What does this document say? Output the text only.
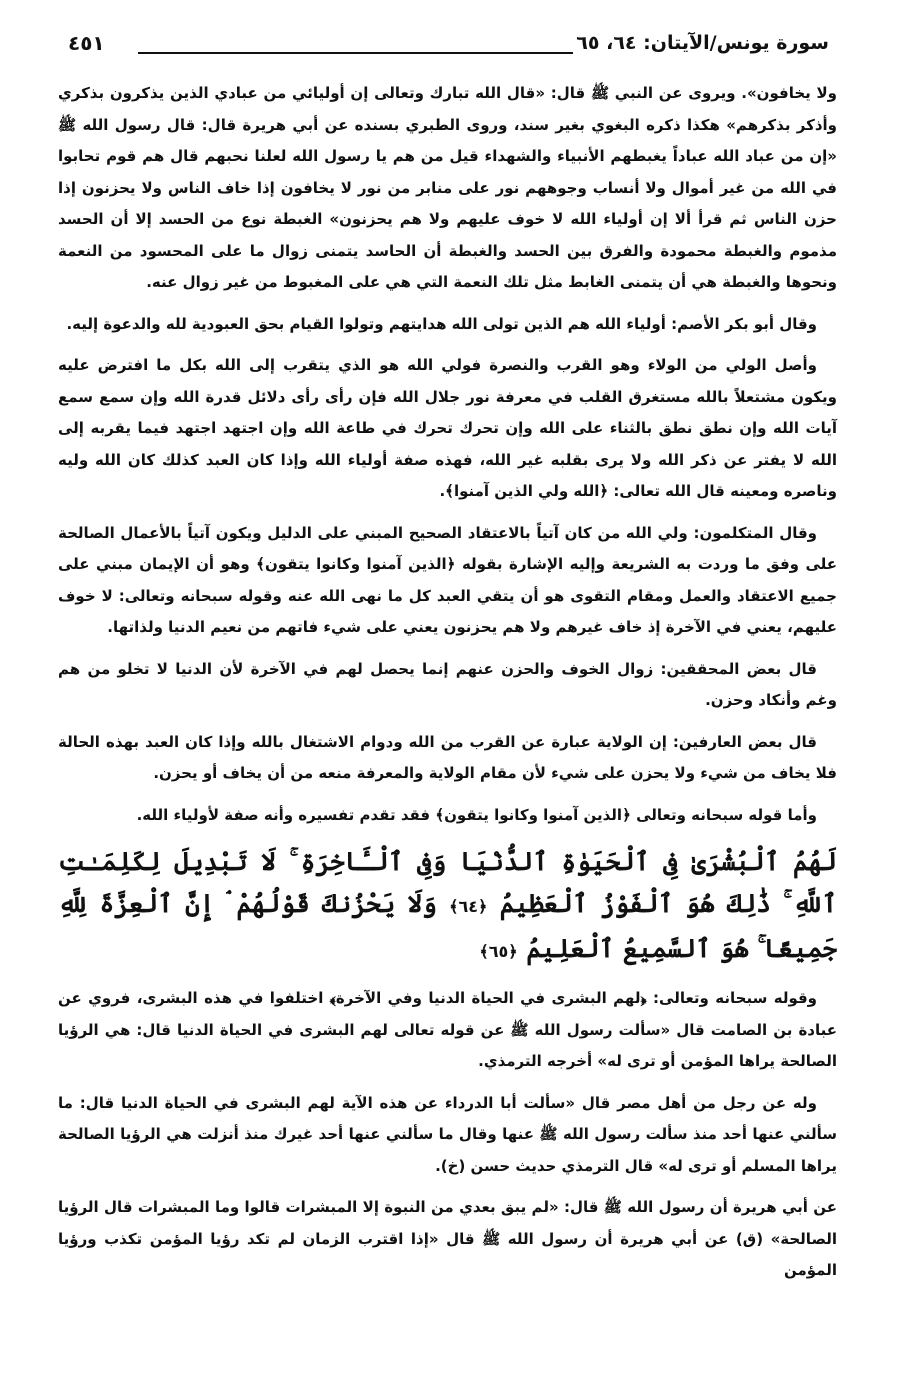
سورة يونس/الآيتان: ٦٤، ٦٥
٤٥١

ولا يخافون». ويروى عن النبي ﷺ قال: «قال الله تبارك وتعالى إن أوليائي من عبادي الذين يذكرون بذكري وأذكر بذكرهم» هكذا ذكره البغوي بغير سند، وروى الطبري بسنده عن أبي هريرة قال: قال رسول الله ﷺ «إن من عباد الله عباداً يغبطهم الأنبياء والشهداء قيل من هم يا رسول الله لعلنا نحبهم قال هم قوم تحابوا في الله من غير أموال ولا أنساب وجوههم نور على منابر من نور لا يخافون إذا خاف الناس ولا يحزنون إذا حزن الناس ثم قرأ ألا إن أولياء الله لا خوف عليهم ولا هم يحزنون» الغبطة نوع من الحسد إلا أن الحسد مذموم والغبطة محمودة والفرق بين الحسد والغبطة أن الحاسد يتمنى زوال ما على المحسود من النعمة ونحوها والغبطة هي أن يتمنى الغابط مثل تلك النعمة التي هي على المغبوط من غير زوال عنه.

وقال أبو بكر الأصم: أولياء الله هم الذين تولى الله هدايتهم وتولوا القيام بحق العبودية لله والدعوة إليه.

وأصل الولي من الولاء وهو القرب والنصرة فولي الله هو الذي يتقرب إلى الله بكل ما افترض عليه ويكون مشتعلاً بالله مستغرق القلب في معرفة نور جلال الله فإن رأى رأى دلائل قدرة الله وإن سمع سمع آيات الله وإن نطق نطق بالثناء على الله وإن تحرك تحرك في طاعة الله وإن اجتهد اجتهد فيما يقربه إلى الله لا يفتر عن ذكر الله ولا يرى بقلبه غير الله، فهذه صفة أولياء الله وإذا كان العبد كذلك كان الله وليه وناصره ومعينه قال الله تعالى: ﴿الله ولي الذين آمنوا﴾.

وقال المتكلمون: ولي الله من كان آتياً بالاعتقاد الصحيح المبني على الدليل ويكون آتياً بالأعمال الصالحة على وفق ما وردت به الشريعة وإليه الإشارة بقوله ﴿الذين آمنوا وكانوا يتقون﴾ وهو أن الإيمان مبني على جميع الاعتقاد والعمل ومقام التقوى هو أن يتقي العبد كل ما نهى الله عنه وقوله سبحانه وتعالى: لا خوف عليهم، يعني في الآخرة إذ خاف غيرهم ولا هم يحزنون يعني على شيء فاتهم من نعيم الدنيا ولذاتها.

قال بعض المحققين: زوال الخوف والحزن عنهم إنما يحصل لهم في الآخرة لأن الدنيا لا تخلو من هم وغم وأنكاد وحزن.

قال بعض العارفين: إن الولاية عبارة عن القرب من الله ودوام الاشتغال بالله وإذا كان العبد بهذه الحالة فلا يخاف من شيء ولا يحزن على شيء لأن مقام الولاية والمعرفة منعه من أن يخاف أو يحزن.

وأما قوله سبحانه وتعالى ﴿الذين آمنوا وكانوا يتقون﴾ فقد تقدم تفسيره وأنه صفة لأولياء الله.

لَهُمُ ٱلْبُشْرَىٰ فِى ٱلْحَيَوٰةِ ٱلدُّنْيَا وَفِى ٱلْـَٔاخِرَةِ ۚ لَا تَبْدِيلَ لِكَلِمَـٰتِ ٱللَّهِ ۚ ذَٰلِكَ هُوَ ٱلْفَوْزُ ٱلْعَظِيمُ ﴿٦٤﴾ وَلَا يَحْزُنكَ قَوْلُهُمْ ۘ إِنَّ ٱلْعِزَّةَ لِلَّهِ جَمِيعًا ۚ هُوَ ٱلسَّمِيعُ ٱلْعَلِيمُ ﴿٦٥﴾

وقوله سبحانه وتعالى: ﴿لهم البشرى في الحياة الدنيا وفي الآخرة﴾ اختلفوا في هذه البشرى، فروي عن عبادة بن الصامت قال «سألت رسول الله ﷺ عن قوله تعالى لهم البشرى في الحياة الدنيا قال: هي الرؤيا الصالحة يراها المؤمن أو ترى له» أخرجه الترمذي.

وله عن رجل من أهل مصر قال «سألت أبا الدرداء عن هذه الآية لهم البشرى في الحياة الدنيا قال: ما سألني عنها أحد منذ سألت رسول الله ﷺ عنها وقال ما سألني عنها أحد غيرك منذ أنزلت هي الرؤيا الصالحة يراها المسلم أو ترى له» قال الترمذي حديث حسن (خ).

عن أبي هريرة أن رسول الله ﷺ قال: «لم يبق بعدي من النبوة إلا المبشرات قالوا وما المبشرات قال الرؤيا الصالحة» (ق) عن أبي هريرة أن رسول الله ﷺ قال «إذا اقترب الزمان لم تكد رؤيا المؤمن تكذب ورؤيا المؤمن
